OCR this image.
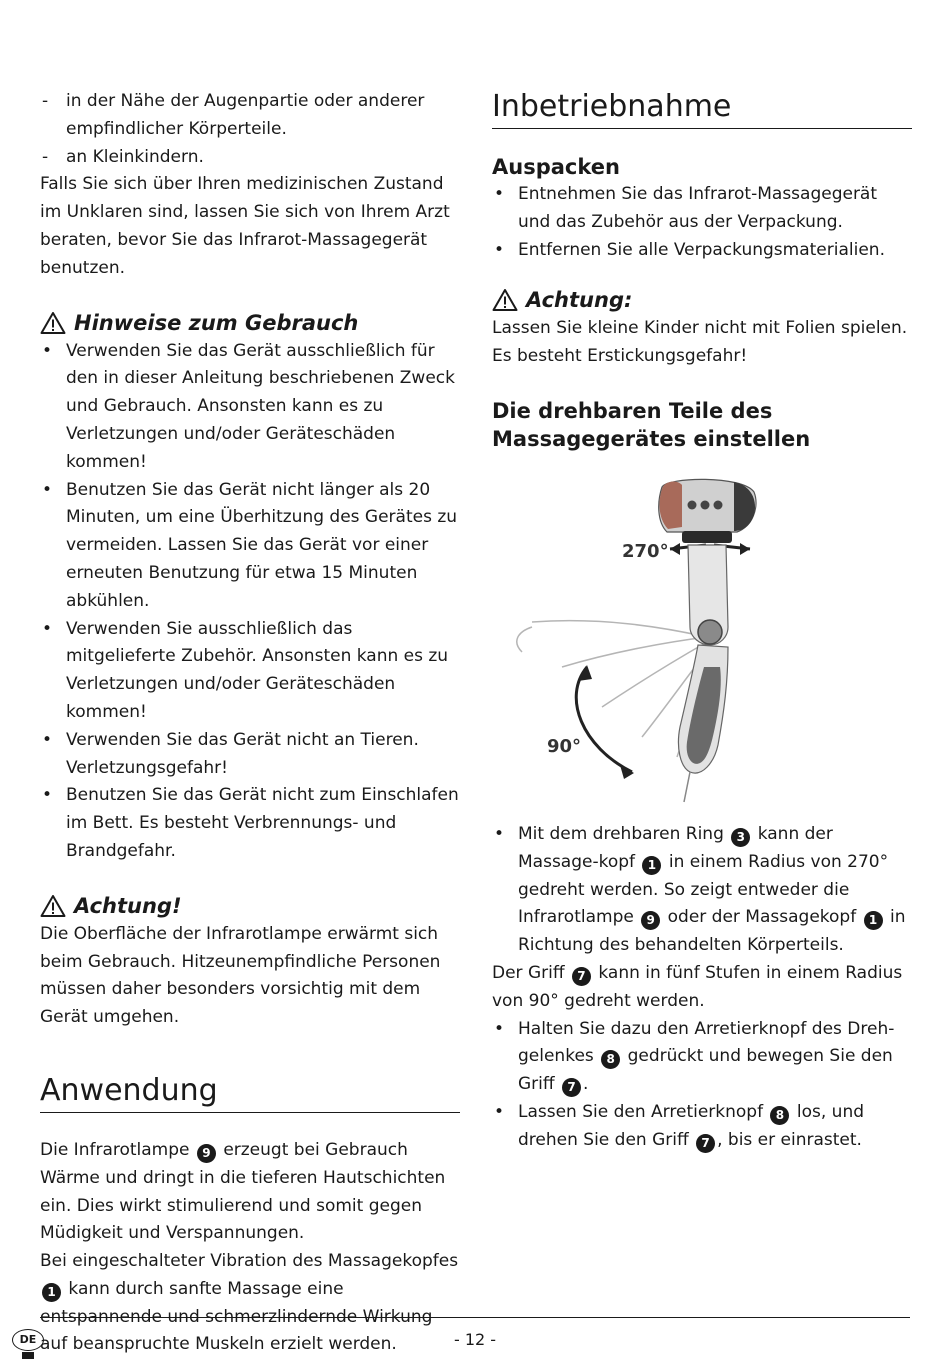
- in der Nähe der Augenpartie oder anderer empfindlicher Körperteile.
- an Kleinkindern.

Falls Sie sich über Ihren medizinischen Zustand im Unklaren sind, lassen Sie sich von Ihrem Arzt beraten, bevor Sie das Infrarot-Massagegerät benutzen.

Hinweise zum Gebrauch
• Verwenden Sie das Gerät ausschließlich für den in dieser Anleitung beschriebenen Zweck und Gebrauch. Ansonsten kann es zu Verletzungen und/oder Geräteschäden kommen!
• Benutzen Sie das Gerät nicht länger als 20 Minuten, um eine Überhitzung des Gerätes zu vermeiden. Lassen Sie das Gerät vor einer erneuten Benutzung für etwa 15 Minuten abkühlen.
• Verwenden Sie ausschließlich das mitgelieferte Zubehör. Ansonsten kann es zu Verletzungen und/oder Geräteschäden kommen!
• Verwenden Sie das Gerät nicht an Tieren. Verletzungsgefahr!
• Benutzen Sie das Gerät nicht zum Einschlafen im Bett. Es besteht Verbrennungs- und Brandgefahr.
Achtung!

Die Oberfläche der Infrarotlampe erwärmt sich beim Gebrauch. Hitzeunempfindliche Personen müssen daher besonders vorsichtig mit dem Gerät umgehen.

Anwendung

Die Infrarotlampe 9 erzeugt bei Gebrauch Wärme und dringt in die tieferen Hautschichten ein. Dies wirkt stimulierend und somit gegen Müdigkeit und Verspannungen.

Bei eingeschalteter Vibration des Massagekopfes 1 kann durch sanfte Massage eine entspannende und schmerzlindernde Wirkung auf beanspruchte Muskeln erzielt werden.

Inbetriebnahme
Auspacken
• Entnehmen Sie das Infrarot-Massagegerät und das Zubehör aus der Verpackung.
• Entfernen Sie alle Verpackungsmaterialien.
Achtung:

Lassen Sie kleine Kinder nicht mit Folien spielen. Es besteht Erstickungsgefahr!

Die drehbaren Teile des Massagegerätes einstellen
270°
90°
• Mit dem drehbaren Ring 3 kann der Massage-kopf 1 in einem Radius von 270° gedreht werden. So zeigt entweder die Infrarotlampe 9 oder der Massagekopf 1 in Richtung des behandelten Körperteils.

Der Griff 7 kann in fünf Stufen in einem Radius von 90° gedreht werden.

• Halten Sie dazu den Arretierknopf des Dreh-gelenkes 8 gedrückt und bewegen Sie den Griff 7 .
• Lassen Sie den Arretierknopf 8 los, und drehen Sie den Griff 7 , bis er einrastet.
DE	- 12 -
